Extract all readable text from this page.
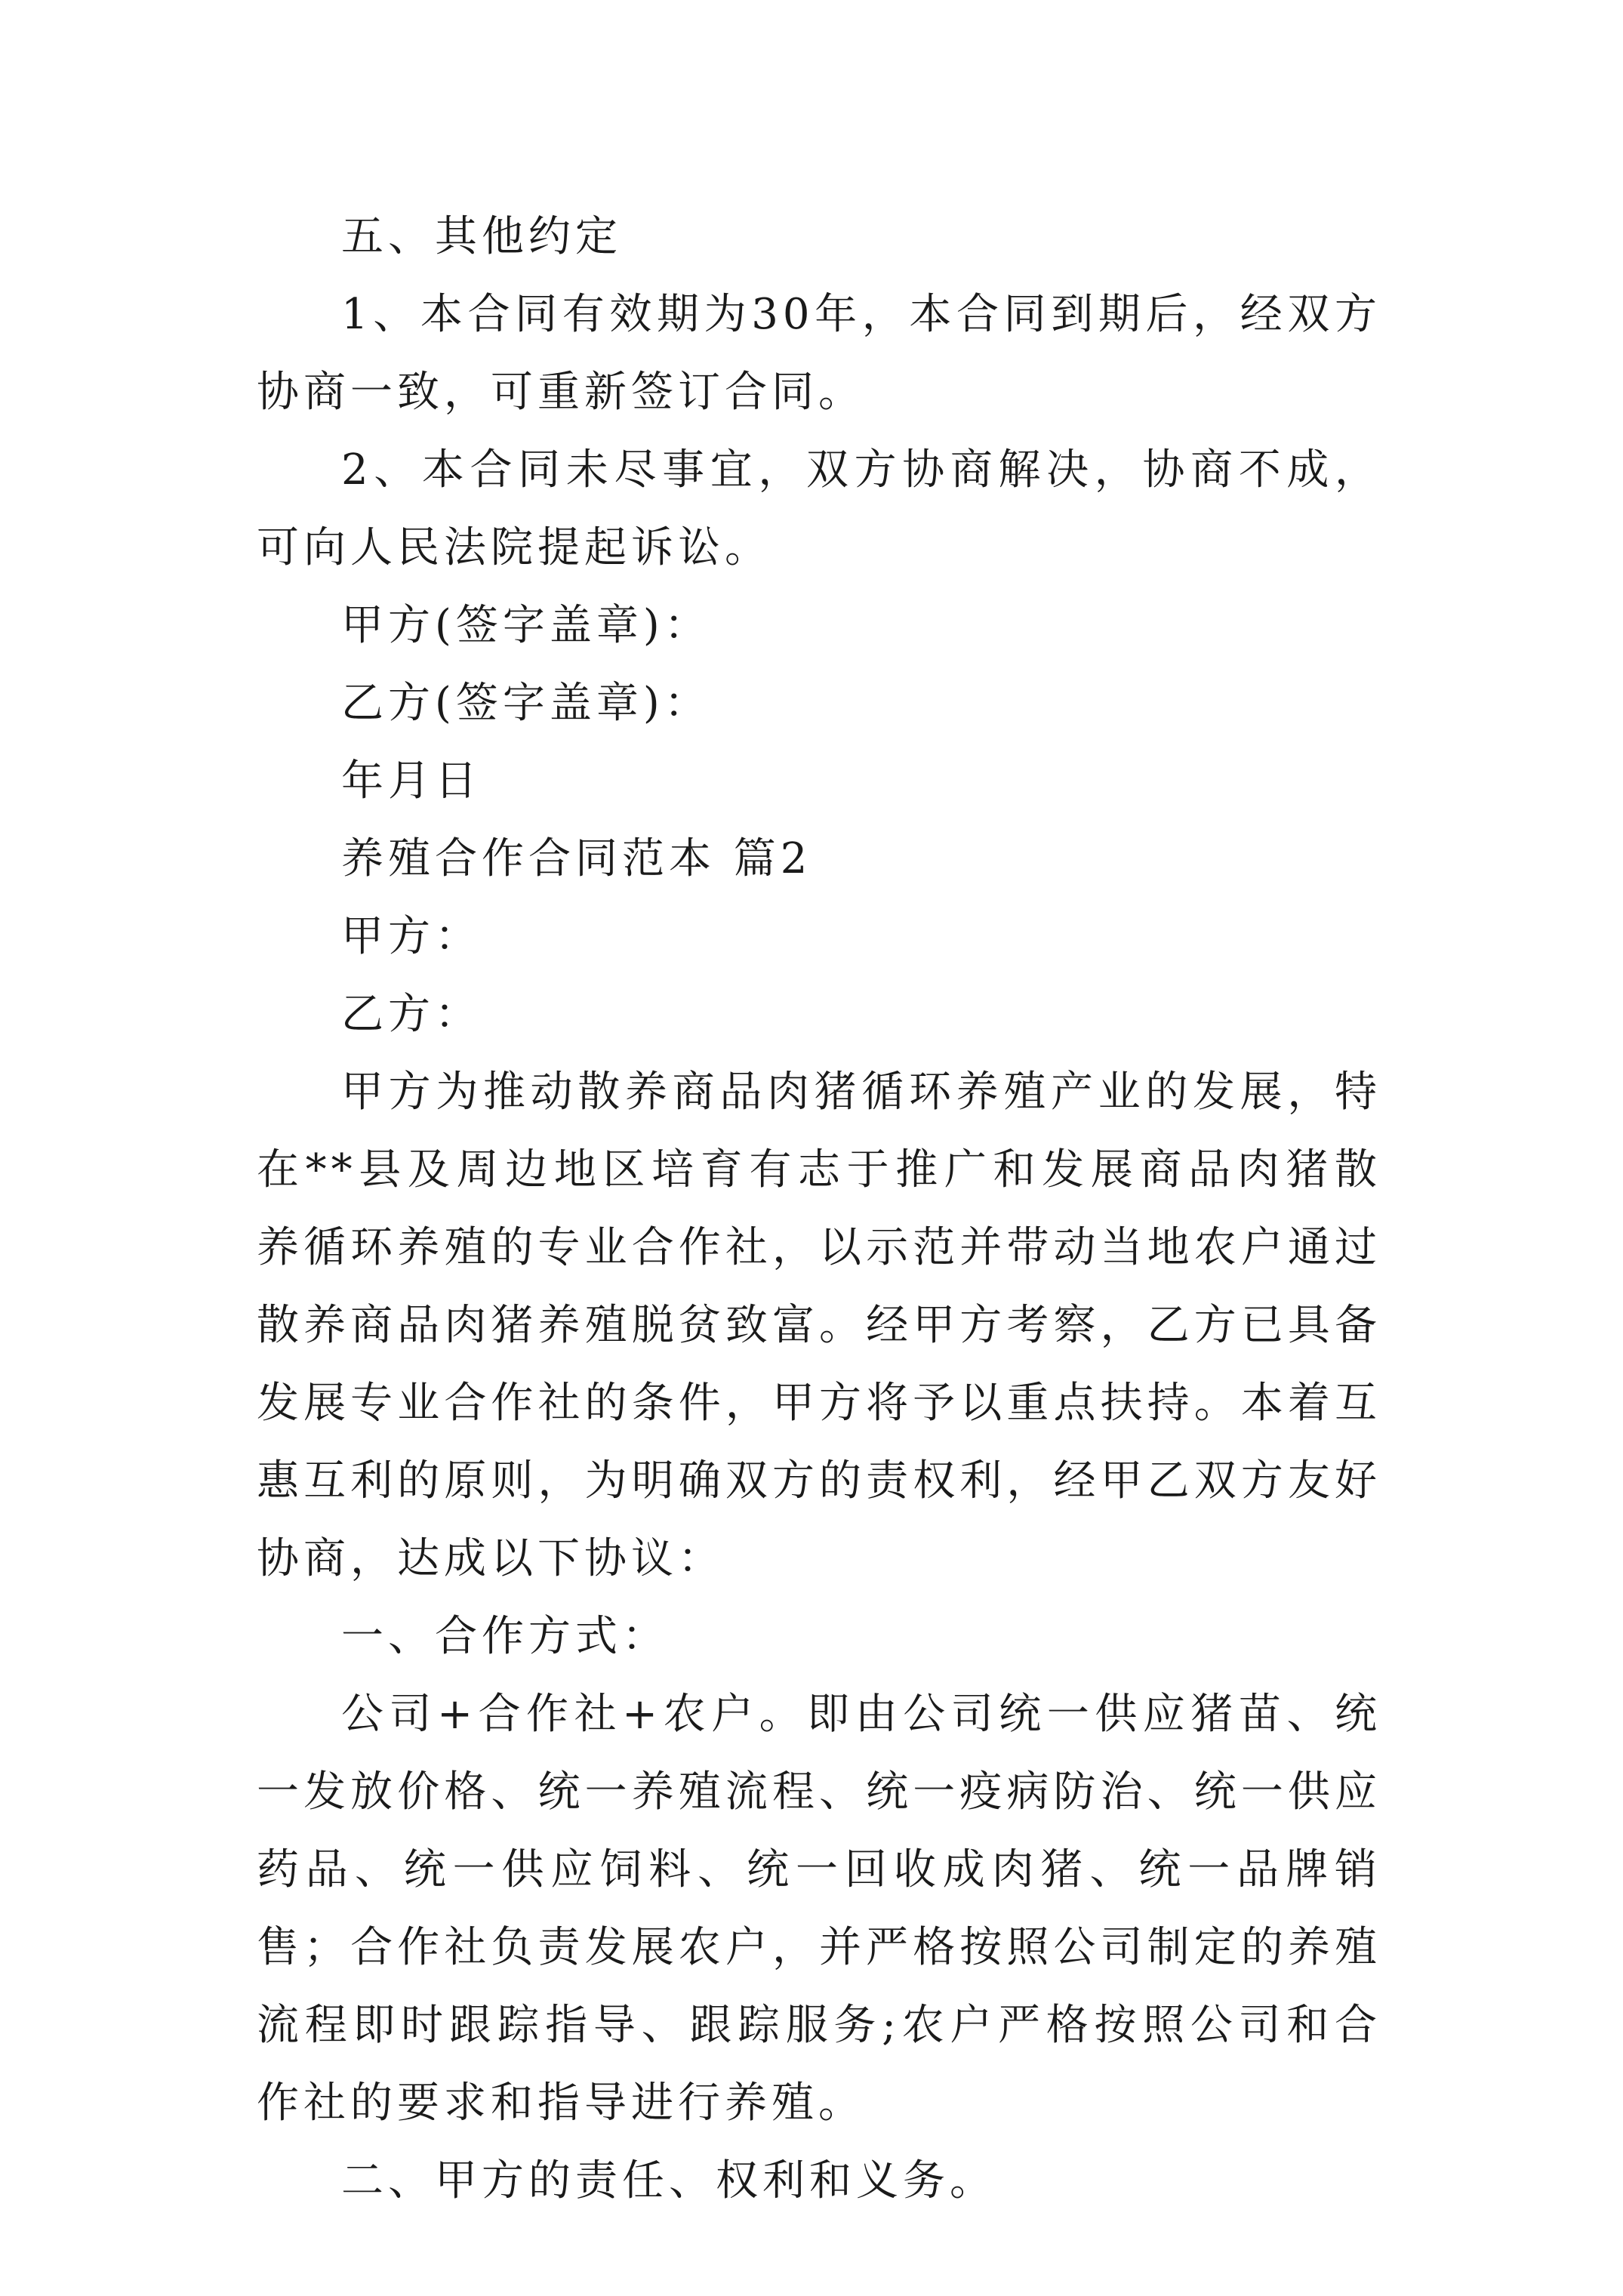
五、其他约定

1、本合同有效期为30年，本合同到期后，经双方协商一致，可重新签订合同。

2、本合同未尽事宜，双方协商解决，协商不成，可向人民法院提起诉讼。

甲方(签字盖章)：

乙方(签字盖章)：

年月日

养殖合作合同范本 篇2

甲方：

乙方：

甲方为推动散养商品肉猪循环养殖产业的发展，特在**县及周边地区培育有志于推广和发展商品肉猪散养循环养殖的专业合作社，以示范并带动当地农户通过散养商品肉猪养殖脱贫致富。经甲方考察，乙方已具备发展专业合作社的条件，甲方将予以重点扶持。本着互惠互利的原则，为明确双方的责权利，经甲乙双方友好协商，达成以下协议：

一、合作方式：

公司+合作社+农户。即由公司统一供应猪苗、统一发放价格、统一养殖流程、统一疫病防治、统一供应药品、统一供应饲料、统一回收成肉猪、统一品牌销售；合作社负责发展农户，并严格按照公司制定的养殖流程即时跟踪指导、跟踪服务;农户严格按照公司和合作社的要求和指导进行养殖。

二、甲方的责任、权利和义务。
